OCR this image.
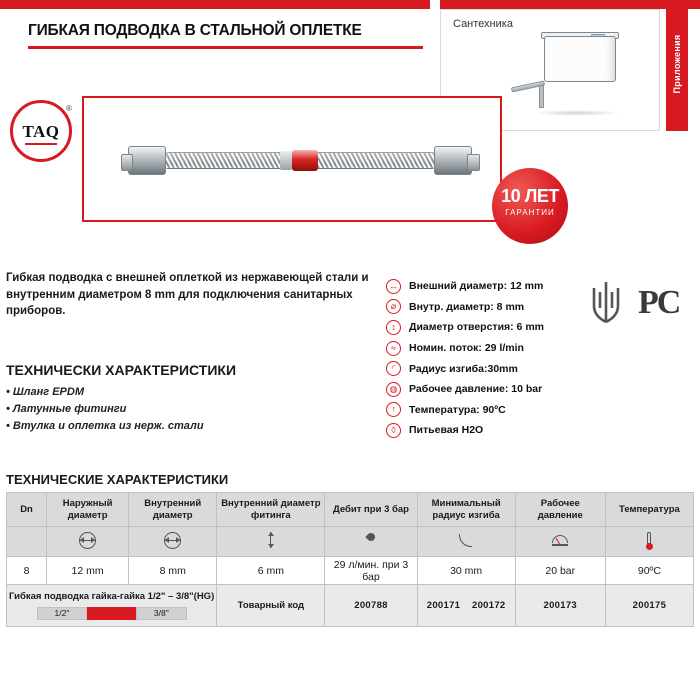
ГИБКАЯ ПОДВОДКА В СТАЛЬНОЙ ОПЛЕТКЕ	Сантехника
Приложения
TAQ
®
10 ЛЕТ
ГАРАНТИИ
Гибкая подводка с внешней оплеткой из нержавеющей стали и внутренним диаметром 8 mm для подключения санитарных приборов.
ТЕХНИЧЕСКИ ХАРАКТЕРИСТИКИ
• Шланг EPDM
• Латунные фитинги
• Втулка и оплетка из нерж. стали
↔ Внешний диаметр: 12 mm
⌀	Внутр. диаметр: 8 mm
↕	Диаметр отверстия: 6 mm
≈	Номин. поток: 29 l/min
◜	Радиус изгиба:30mm
◍ Рабочее давление: 10 bar
↑	Температура: 90ºC
◊	Питьевая H2O
PC
ТЕХНИЧЕСКИЕ ХАРАКТЕРИСТИКИ
Dn	Наружный диаметр	Внутренний диаметр	Внутренний диаметр фитинга	Дебит при 3 бар	Минимальный радиус изгиба	Рабочее давление	Температура

8	12 mm	8 mm	6 mm	29 л/мин. при 3 бар	30 mm	20 bar	90ºC

Гибкая подводка гайка-гайка 1/2" – 3/8"(HG)
1/2" 3/8"			Товарный код	200788	200171 200172	200173	200175
